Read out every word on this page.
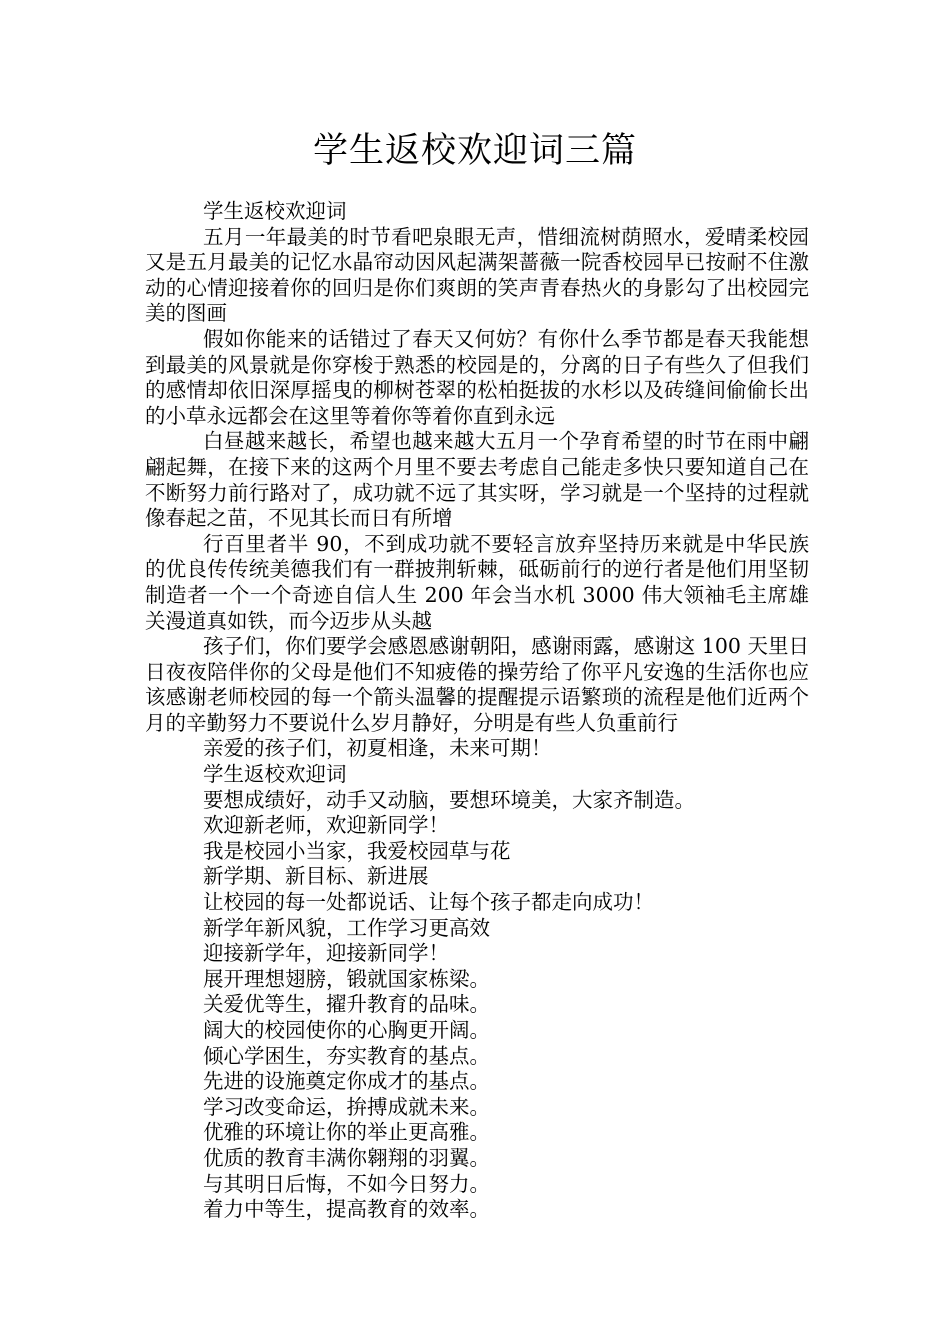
学生返校欢迎词三篇

学生返校欢迎词

五月一年最美的时节看吧泉眼无声，惜细流树荫照水，爱晴柔校园又是五月最美的记忆水晶帘动因风起满架蔷薇一院香校园早已按耐不住激动的心情迎接着你的回归是你们爽朗的笑声青春热火的身影勾了出校园完美的图画

假如你能来的话错过了春天又何妨？有你什么季节都是春天我能想到最美的风景就是你穿梭于熟悉的校园是的，分离的日子有些久了但我们的感情却依旧深厚摇曳的柳树苍翠的松柏挺拔的水杉以及砖缝间偷偷长出的小草永远都会在这里等着你等着你直到永远

白昼越来越长，希望也越来越大五月一个孕育希望的时节在雨中翩翩起舞，在接下来的这两个月里不要去考虑自己能走多快只要知道自己在不断努力前行路对了，成功就不远了其实呀，学习就是一个坚持的过程就像春起之苗，不见其长而日有所增

行百里者半 90，不到成功就不要轻言放弃坚持历来就是中华民族的优良传传统美德我们有一群披荆斩棘，砥砺前行的逆行者是他们用坚韧制造者一个一个奇迹自信人生 200 年会当水机 3000 伟大领袖毛主席雄关漫道真如铁，而今迈步从头越

孩子们，你们要学会感恩感谢朝阳，感谢雨露，感谢这 100 天里日日夜夜陪伴你的父母是他们不知疲倦的操劳给了你平凡安逸的生活你也应该感谢老师校园的每一个箭头温馨的提醒提示语繁琐的流程是他们近两个月的辛勤努力不要说什么岁月静好，分明是有些人负重前行

亲爱的孩子们，初夏相逢，未来可期！

学生返校欢迎词

要想成绩好，动手又动脑，要想环境美，大家齐制造。

欢迎新老师，欢迎新同学！

我是校园小当家，我爱校园草与花

新学期、新目标、新进展

让校园的每一处都说话、让每个孩子都走向成功！

新学年新风貌，工作学习更高效

迎接新学年，迎接新同学！

展开理想翅膀，锻就国家栋梁。

关爱优等生，擢升教育的品味。

阔大的校园使你的心胸更开阔。

倾心学困生，夯实教育的基点。

先进的设施奠定你成才的基点。

学习改变命运，拚搏成就未来。

优雅的环境让你的举止更高雅。

优质的教育丰满你翱翔的羽翼。

与其明日后悔，不如今日努力。

着力中等生，提高教育的效率。
